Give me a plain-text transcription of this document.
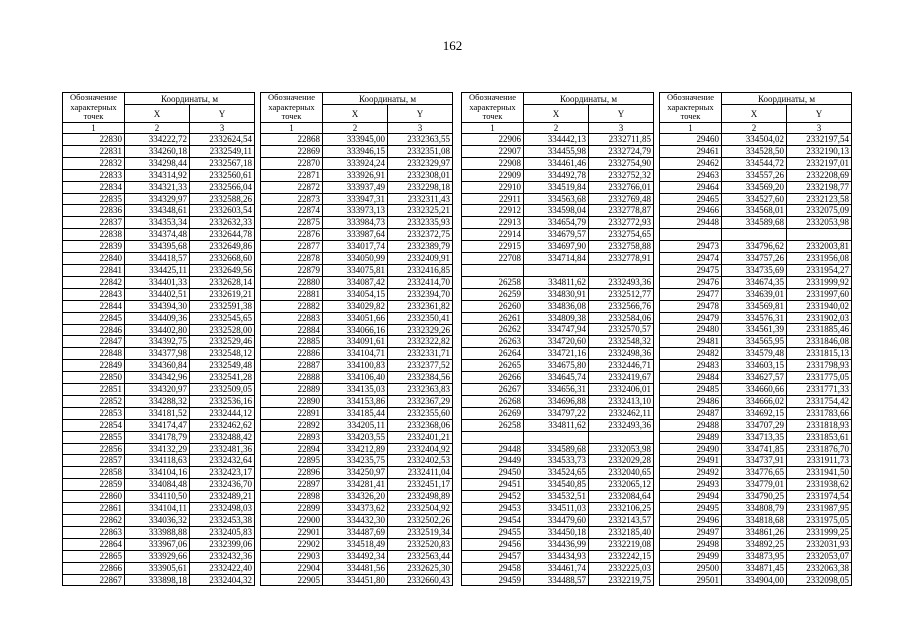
162
Обозначение характерных точек	Координаты, м	
	X	Y
1	2	3
22830	334222,72	2332624,54
22831	334260,18	2332549,11
22832	334298,44	2332567,18
22833	334314,92	2332560,61
22834	334321,33	2332566,04
22835	334329,97	2332588,26
22836	334348,61	2332603,54
22837	334353,34	2332632,33
22838	334374,48	2332644,78
22839	334395,68	2332649,86
22840	334418,57	2332668,60
22841	334425,11	2332649,56
22842	334401,33	2332628,14
22843	334402,51	2332619,21
22844	334394,30	2332591,38
22845	334409,36	2332545,65
22846	334402,80	2332528,00
22847	334392,75	2332529,46
22848	334377,98	2332548,12
22849	334360,84	2332549,48
22850	334342,96	2332541,28
22851	334320,97	2332509,05
22852	334288,32	2332536,16
22853	334181,52	2332444,12
22854	334174,47	2332462,62
22855	334178,79	2332488,42
22856	334132,29	2332481,36
22857	334118,63	2332432,64
22858	334104,16	2332423,17
22859	334084,48	2332436,70
22860	334110,50	2332489,21
22861	334104,11	2332498,03
22862	334036,32	2332453,38
22863	333988,88	2332405,83
22864	333967,06	2332399,06
22865	333929,66	2332432,36
22866	333905,61	2332422,40
22867	333898,18	2332404,32
Обозначение характерных точек	Координаты, м	
	X	Y
1	2	3
22868	333945,00	2332363,55
22869	333946,15	2332351,08
22870	333924,24	2332329,97
22871	333926,91	2332308,01
22872	333937,49	2332298,18
22873	333947,31	2332311,43
22874	333973,13	2332325,21
22875	333984,73	2332335,93
22876	333987,64	2332372,75
22877	334017,74	2332389,79
22878	334050,99	2332409,91
22879	334075,81	2332416,85
22880	334087,42	2332414,70
22881	334054,15	2332394,70
22882	334029,82	2332361,82
22883	334051,66	2332350,41
22884	334066,16	2332329,26
22885	334091,61	2332322,82
22886	334104,71	2332331,71
22887	334100,83	2332377,52
22888	334106,40	2332384,56
22889	334135,03	2332363,83
22890	334153,86	2332367,29
22891	334185,44	2332355,60
22892	334205,11	2332368,06
22893	334203,55	2332401,21
22894	334212,89	2332404,92
22895	334235,75	2332402,53
22896	334250,97	2332411,04
22897	334281,41	2332451,17
22898	334326,20	2332498,89
22899	334373,62	2332504,92
22900	334432,30	2332502,26
22901	334487,69	2332519,34
22902	334518,49	2332520,83
22903	334492,34	2332563,44
22904	334481,56	2332625,30
22905	334451,80	2332660,43
Обозначение характерных точек	Координаты, м	
	X	Y
1	2	3
22906	334442,13	2332711,85
22907	334455,98	2332724,79
22908	334461,46	2332754,90
22909	334492,78	2332752,32
22910	334519,84	2332766,01
22911	334563,68	2332769,48
22912	334598,04	2332778,87
22913	334654,79	2332772,93
22914	334679,57	2332754,65
22915	334697,90	2332758,88
22708	334714,84	2332778,91

26258	334811,62	2332493,36
26259	334830,91	2332512,77
26260	334836,08	2332566,76
26261	334809,38	2332584,06
26262	334747,94	2332570,57
26263	334720,60	2332548,32
26264	334721,16	2332498,36
26265	334675,80	2332446,71
26266	334645,74	2332419,67
26267	334656,31	2332406,01
26268	334696,88	2332413,10
26269	334797,22	2332462,11
26258	334811,62	2332493,36

29448	334589,68	2332053,98
29449	334533,73	2332029,28
29450	334524,65	2332040,65
29451	334540,85	2332065,12
29452	334532,51	2332084,64
29453	334511,03	2332106,25
29454	334479,60	2332143,57
29455	334450,18	2332185,40
29456	334436,99	2332219,08
29457	334434,93	2332242,15
29458	334461,74	2332225,03
29459	334488,57	2332219,75
Обозначение характерных точек	Координаты, м	
	X	Y
1	2	3
29460	334504,02	2332197,54
29461	334528,50	2332190,13
29462	334544,72	2332197,01
29463	334557,26	2332208,69
29464	334569,20	2332198,77
29465	334527,60	2332123,58
29466	334568,01	2332075,09
29448	334589,68	2332053,98

29473	334796,62	2332003,81
29474	334757,26	2331956,08
29475	334735,69	2331954,27
29476	334674,35	2331999,92
29477	334639,01	2331997,60
29478	334569,81	2331940,02
29479	334576,31	2331902,03
29480	334561,39	2331885,46
29481	334565,95	2331846,08
29482	334579,48	2331815,13
29483	334603,15	2331798,93
29484	334627,57	2331775,05
29485	334660,66	2331771,33
29486	334666,02	2331754,42
29487	334692,15	2331783,66
29488	334707,29	2331818,93
29489	334713,35	2331853,61
29490	334741,85	2331876,70
29491	334737,91	2331911,73
29492	334776,65	2331941,50
29493	334779,01	2331938,62
29494	334790,25	2331974,54
29495	334808,79	2331987,95
29496	334818,68	2331975,05
29497	334861,26	2331999,25
29498	334892,25	2332031,93
29499	334873,95	2332053,07
29500	334871,45	2332063,38
29501	334904,00	2332098,05
